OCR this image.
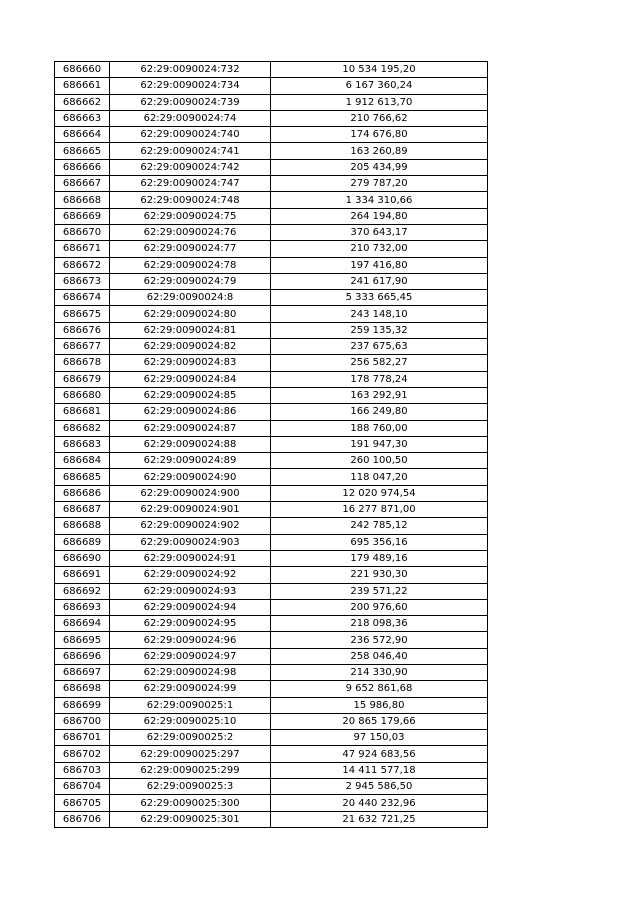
686660	62:29:0090024:732	10 534 195,20
686661	62:29:0090024:734	6 167 360,24
686662	62:29:0090024:739	1 912 613,70
686663	62:29:0090024:74	210 766,62
686664	62:29:0090024:740	174 676,80
686665	62:29:0090024:741	163 260,89
686666	62:29:0090024:742	205 434,99
686667	62:29:0090024:747	279 787,20
686668	62:29:0090024:748	1 334 310,66
686669	62:29:0090024:75	264 194,80
686670	62:29:0090024:76	370 643,17
686671	62:29:0090024:77	210 732,00
686672	62:29:0090024:78	197 416,80
686673	62:29:0090024:79	241 617,90
686674	62:29:0090024:8	5 333 665,45
686675	62:29:0090024:80	243 148,10
686676	62:29:0090024:81	259 135,32
686677	62:29:0090024:82	237 675,63
686678	62:29:0090024:83	256 582,27
686679	62:29:0090024:84	178 778,24
686680	62:29:0090024:85	163 292,91
686681	62:29:0090024:86	166 249,80
686682	62:29:0090024:87	188 760,00
686683	62:29:0090024:88	191 947,30
686684	62:29:0090024:89	260 100,50
686685	62:29:0090024:90	118 047,20
686686	62:29:0090024:900	12 020 974,54
686687	62:29:0090024:901	16 277 871,00
686688	62:29:0090024:902	242 785,12
686689	62:29:0090024:903	695 356,16
686690	62:29:0090024:91	179 489,16
686691	62:29:0090024:92	221 930,30
686692	62:29:0090024:93	239 571,22
686693	62:29:0090024:94	200 976,60
686694	62:29:0090024:95	218 098,36
686695	62:29:0090024:96	236 572,90
686696	62:29:0090024:97	258 046,40
686697	62:29:0090024:98	214 330,90
686698	62:29:0090024:99	9 652 861,68
686699	62:29:0090025:1	15 986,80
686700	62:29:0090025:10	20 865 179,66
686701	62:29:0090025:2	97 150,03
686702	62:29:0090025:297	47 924 683,56
686703	62:29:0090025:299	14 411 577,18
686704	62:29:0090025:3	2 945 586,50
686705	62:29:0090025:300	20 440 232,96
686706	62:29:0090025:301	21 632 721,25
